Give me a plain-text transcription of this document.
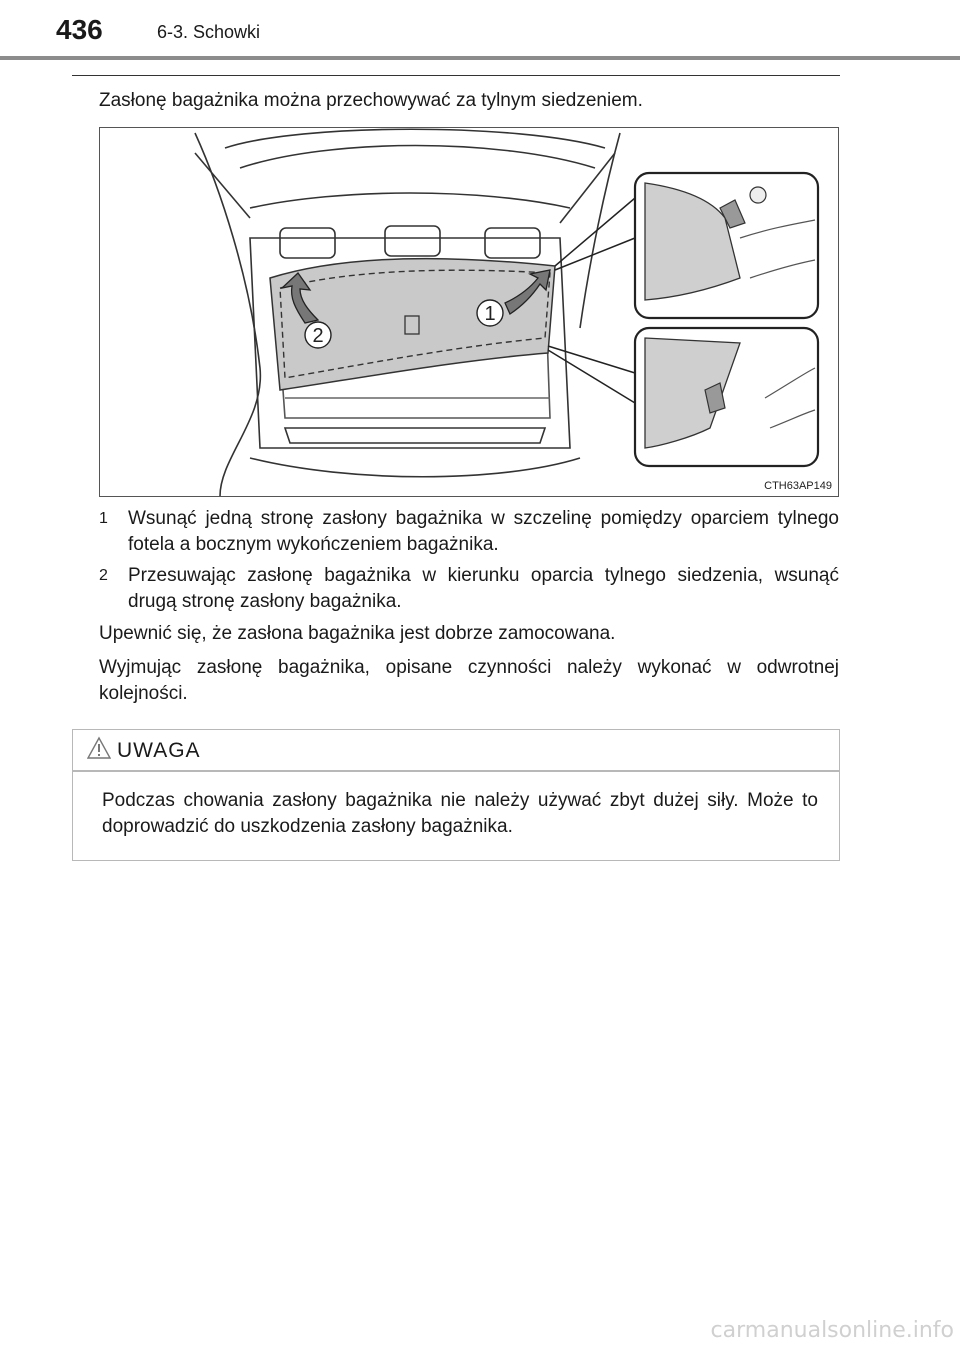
436	6-3. Schowki
Zasłonę bagażnika można przechowywać za tylnym siedzeniem.
1
2
CTH63AP149
1 Wsunąć jedną stronę zasłony bagażnika w szczelinę pomiędzy oparciem tylnego fotela a bocznym wykończeniem bagażnika.
2 Przesuwając zasłonę bagażnika w kierunku oparcia tylnego siedzenia, wsunąć drugą stronę zasłony bagażnika.
Upewnić się, że zasłona bagażnika jest dobrze zamocowana.
Wyjmując zasłonę bagażnika, opisane czynności należy wykonać w odwrotnej kolejności.
UWAGA
Podczas chowania zasłony bagażnika nie należy używać zbyt dużej siły. Może to doprowadzić do uszkodzenia zasłony bagażnika.
carmanualsonline.info
